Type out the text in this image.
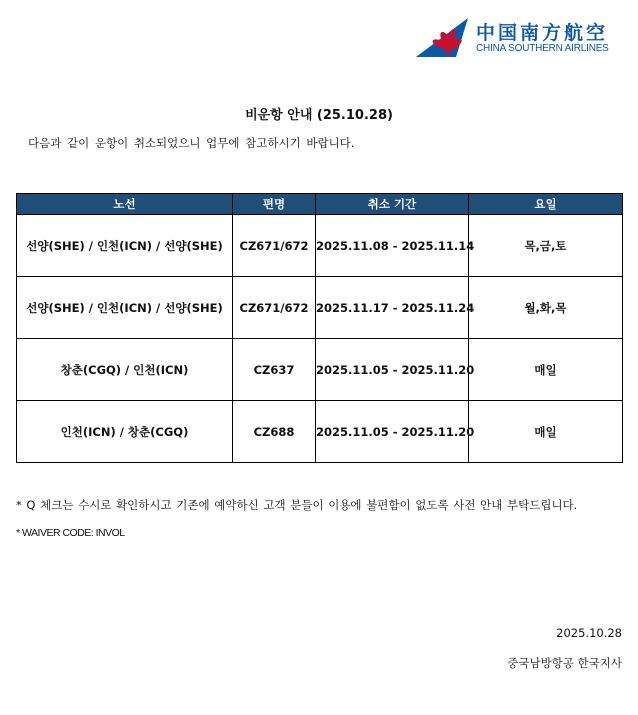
中国南方航空
CHINA SOUTHERN AIRLINES
비운항 안내 (25.10.28)
다음과 같이 운항이 취소되었으니 업무에 참고하시기 바랍니다.
노선	편명	취소 기간	요일
선양(SHE) / 인천(ICN) / 선양(SHE)	CZ671/672	2025.11.08 - 2025.11.14	목,금,토
선양(SHE) / 인천(ICN) / 선양(SHE)	CZ671/672	2025.11.17 - 2025.11.24	월,화,목
창춘(CGQ) / 인천(ICN)	CZ637	2025.11.05 - 2025.11.20	매일
인천(ICN) / 창춘(CGQ)	CZ688	2025.11.05 - 2025.11.20	매일
* Q 체크는 수시로 확인하시고 기존에 예약하신 고객 분들이 이용에 불편함이 없도록 사전 안내 부탁드립니다.
* WAIVER CODE: INVOL
2025.10.28
중국남방항공 한국지사
